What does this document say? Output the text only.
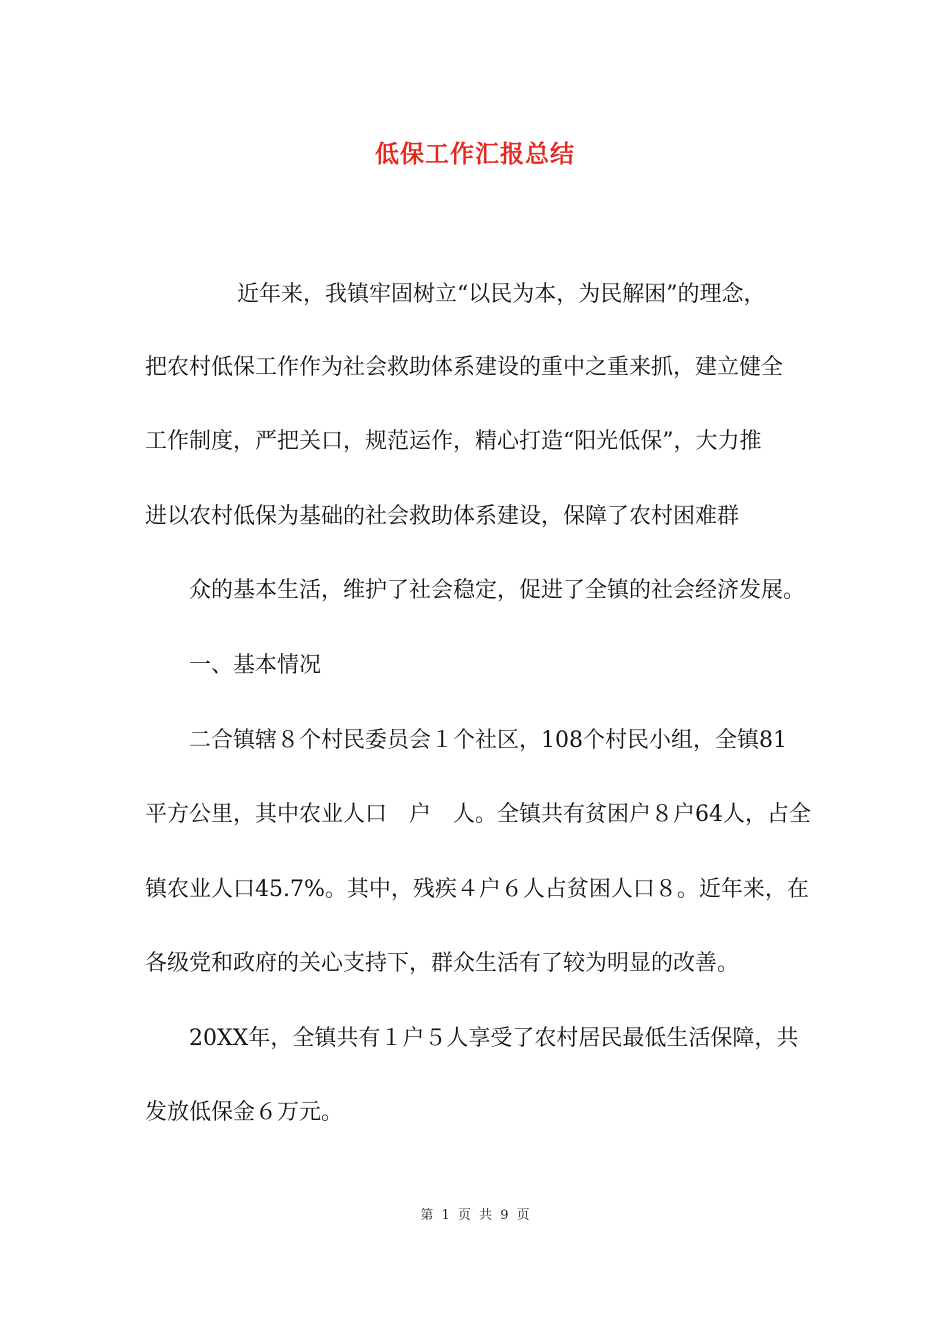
低保工作汇报总结
近年来，我镇牢固树立“以民为本，为民解困”的理念，
把农村低保工作作为社会救助体系建设的重中之重来抓，建立健全
工作制度，严把关口，规范运作，精心打造“阳光低保”，大力推
进以农村低保为基础的社会救助体系建设，保障了农村困难群
众的基本生活，维护了社会稳定，促进了全镇的社会经济发展。
一、基本情况
二合镇辖８个村民委员会１个社区，108个村民小组，全镇81
平方公里，其中农业人口　户　人。全镇共有贫困户８户64人，占全
镇农业人口45.7%。其中，残疾４户６人占贫困人口８。近年来，在
各级党和政府的关心支持下，群众生活有了较为明显的改善。
20XX年，全镇共有１户５人享受了农村居民最低生活保障，共
发放低保金６万元。
第 1 页 共 9 页
